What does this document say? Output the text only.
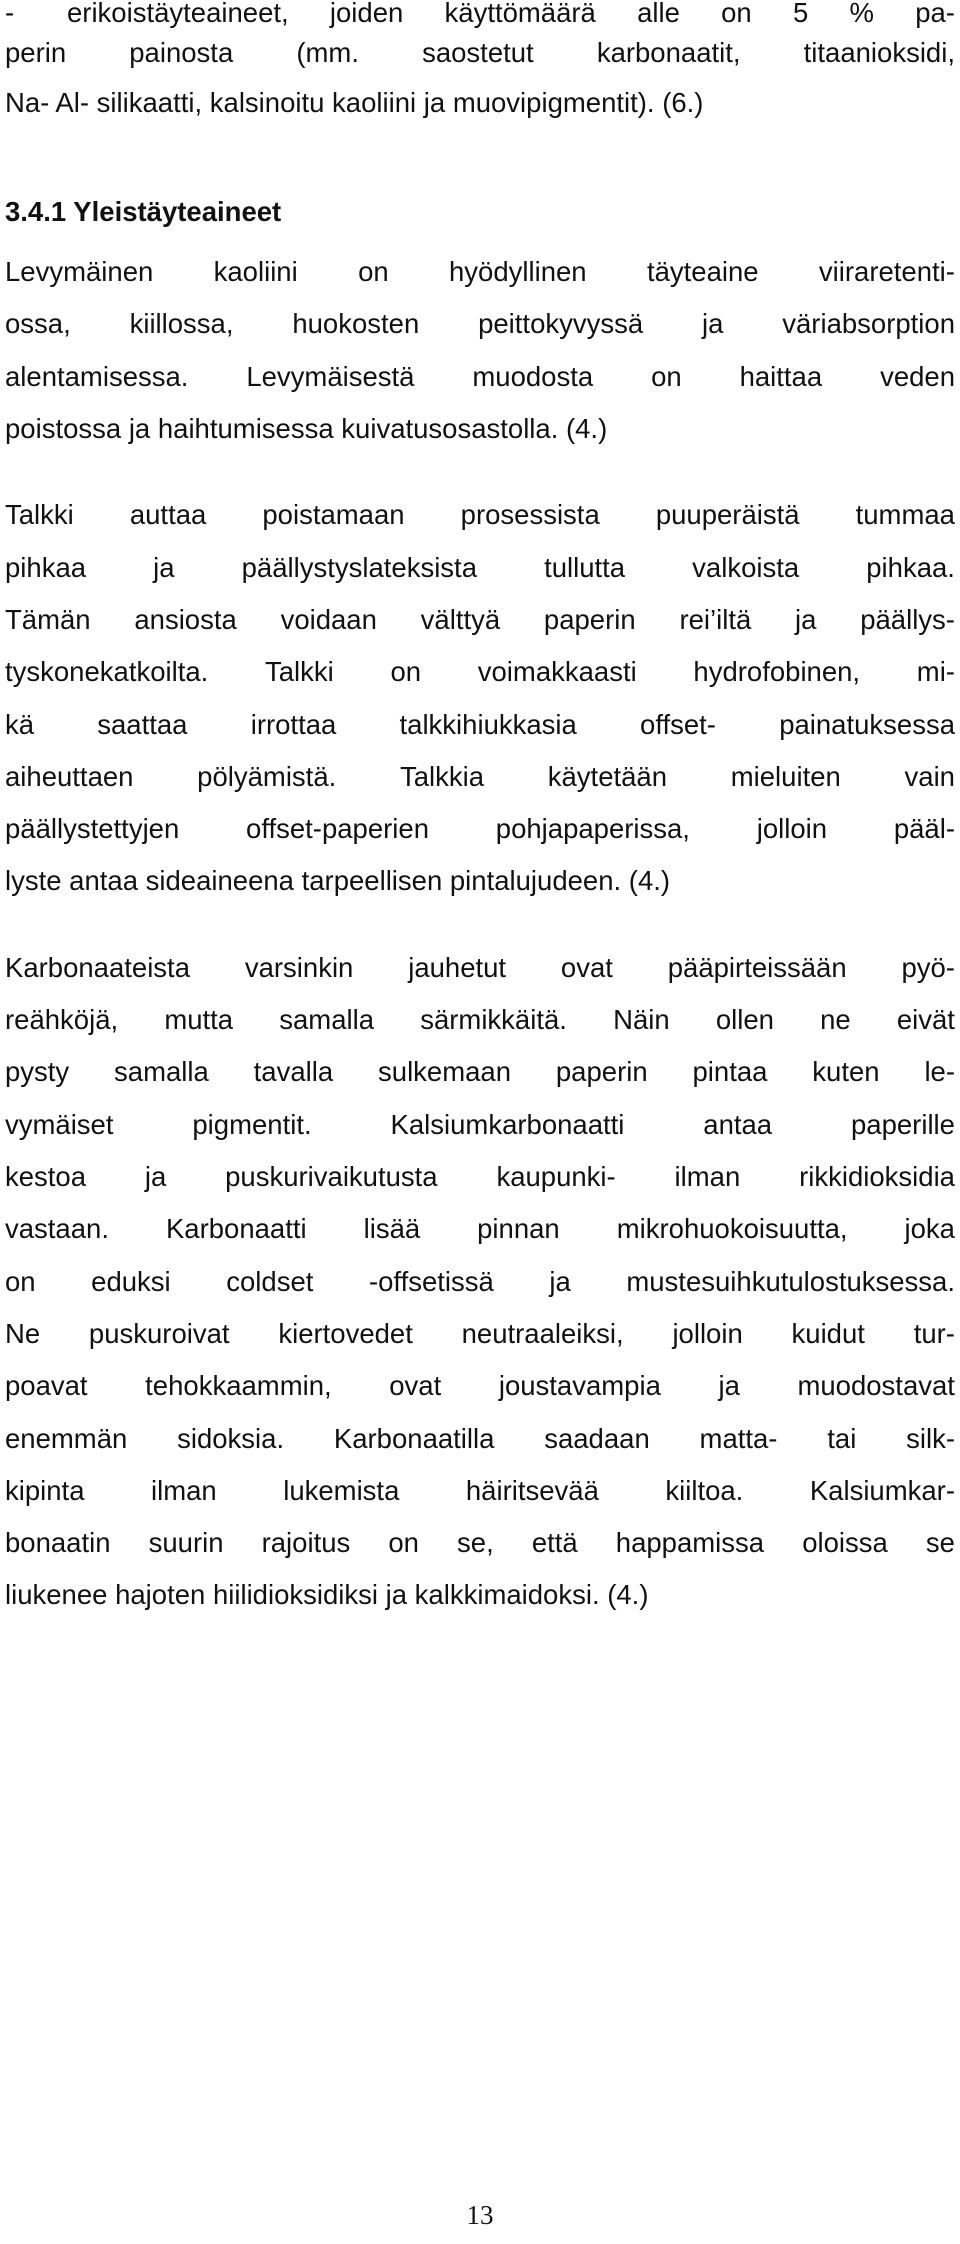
- erikoistäyteaineet, joiden käyttömäärä alle on 5 % pa-
perin painosta (mm. saostetut karbonaatit, titaanioksidi,
Na- Al- silikaatti, kalsinoitu kaoliini ja muovipigmentit). (6.)
3.4.1 Yleistäyteaineet
Levymäinen kaoliini on hyödyllinen täyteaine viiraretenti-
ossa, kiillossa, huokosten peittokyvyssä ja väriabsorption
alentamisessa. Levymäisestä muodosta on haittaa veden
poistossa ja haihtumisessa kuivatusosastolla. (4.)
Talkki auttaa poistamaan prosessista puuperäistä tummaa
pihkaa ja päällystyslateksista tullutta valkoista pihkaa.
Tämän ansiosta voidaan välttyä paperin rei’iltä ja päällys-
tyskonekatkoilta. Talkki on voimakkaasti hydrofobinen, mi-
kä saattaa irrottaa talkkihiukkasia offset- painatuksessa
aiheuttaen pölyämistä. Talkkia käytetään mieluiten vain
päällystettyjen offset-paperien pohjapaperissa, jolloin pääl-
lyste antaa sideaineena tarpeellisen pintalujudeen. (4.)
Karbonaateista varsinkin jauhetut ovat pääpirteissään pyö-
reähköjä, mutta samalla särmikkäitä. Näin ollen ne eivät
pysty samalla tavalla sulkemaan paperin pintaa kuten le-
vymäiset	pigmentit.	Kalsiumkarbonaatti	antaa	paperille
kestoa ja puskurivaikutusta kaupunki- ilman rikkidioksidia
vastaan. Karbonaatti lisää pinnan mikrohuokoisuutta, joka
on eduksi coldset -offsetissä ja mustesuihkutulostuksessa.
Ne puskuroivat kiertovedet neutraaleiksi, jolloin kuidut tur-
poavat tehokkaammin, ovat joustavampia ja muodostavat
enemmän sidoksia. Karbonaatilla saadaan matta- tai silk-
kipinta ilman lukemista häiritsevää kiiltoa. Kalsiumkar-
bonaatin suurin rajoitus on se, että happamissa oloissa se
liukenee hajoten hiilidioksidiksi ja kalkkimaidoksi. (4.)
13
